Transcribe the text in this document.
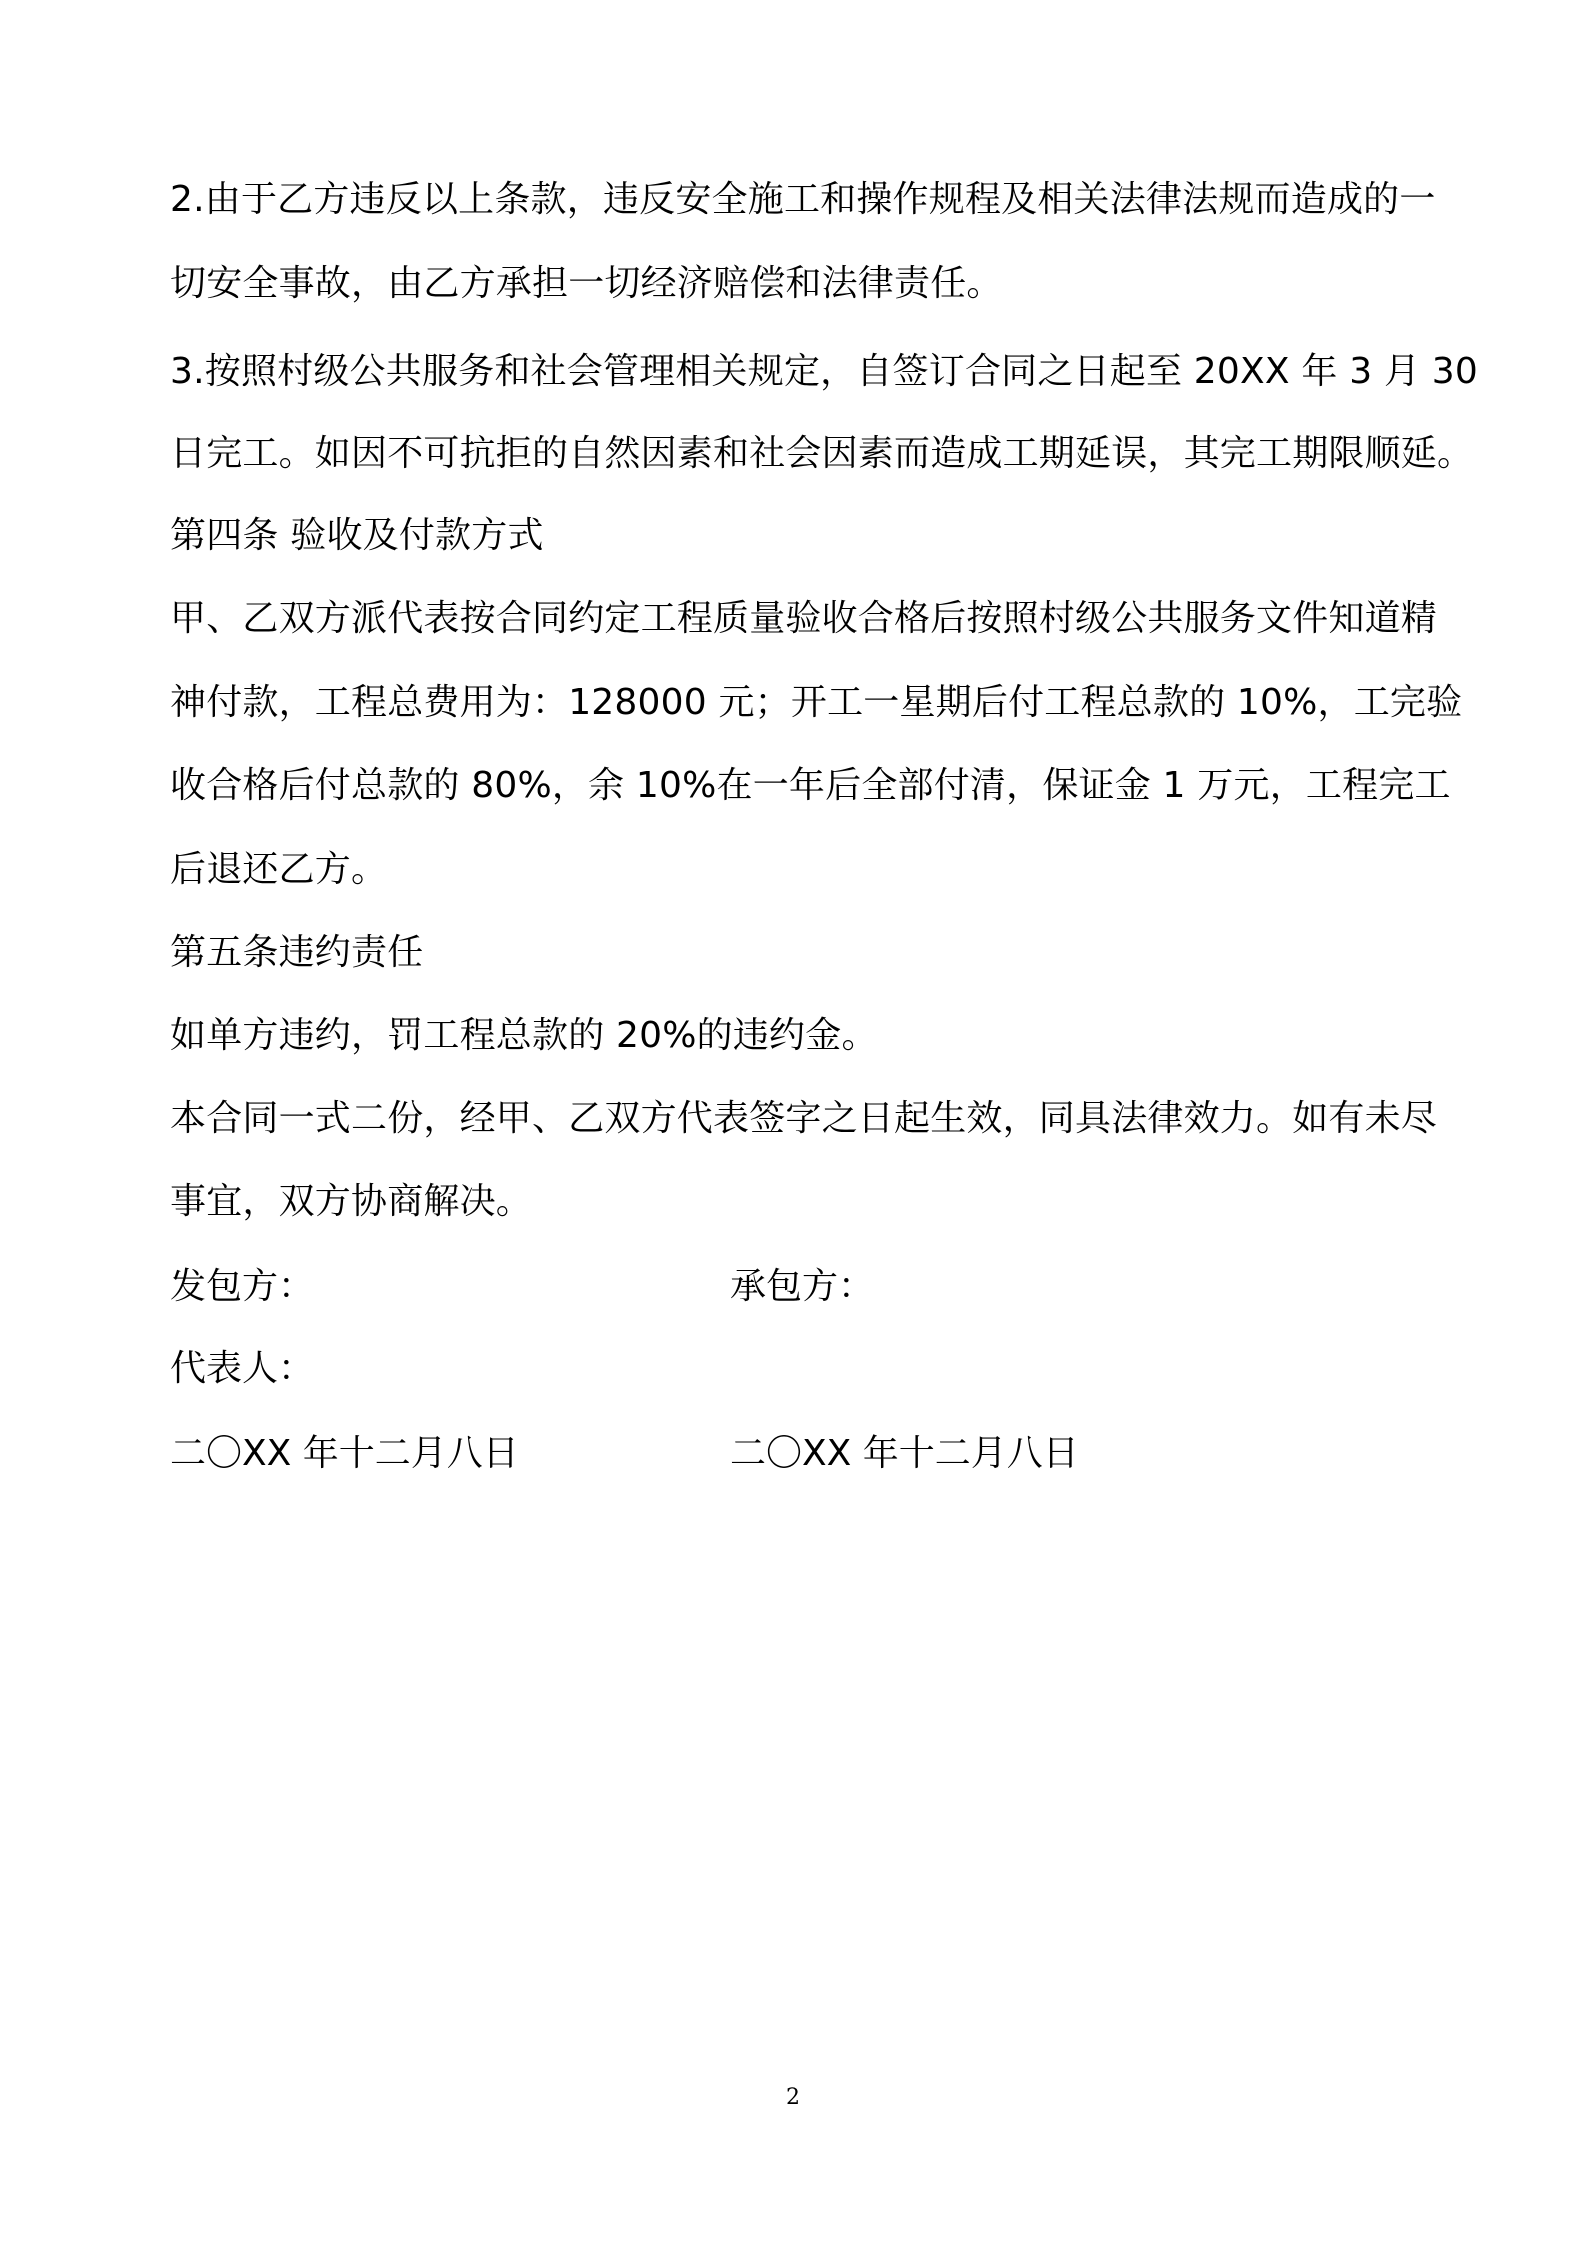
2.由于乙方违反以上条款，违反安全施工和操作规程及相关法律法规而造成的一
切安全事故，由乙方承担一切经济赔偿和法律责任。
3.按照村级公共服务和社会管理相关规定，自签订合同之日起至 20XX 年 3 月 30
日完工。如因不可抗拒的自然因素和社会因素而造成工期延误，其完工期限顺延。
第四条 验收及付款方式
甲、乙双方派代表按合同约定工程质量验收合格后按照村级公共服务文件知道精
神付款，工程总费用为：128000 元；开工一星期后付工程总款的 10%，工完验
收合格后付总款的 80%，余 10%在一年后全部付清，保证金 1 万元，工程完工
后退还乙方。
第五条违约责任
如单方违约，罚工程总款的 20%的违约金。
本合同一式二份，经甲、乙双方代表签字之日起生效，同具法律效力。如有未尽
事宜，双方协商解决。
发包方：	承包方：
代表人：
二〇XX 年十二月八日	二〇XX 年十二月八日
2
